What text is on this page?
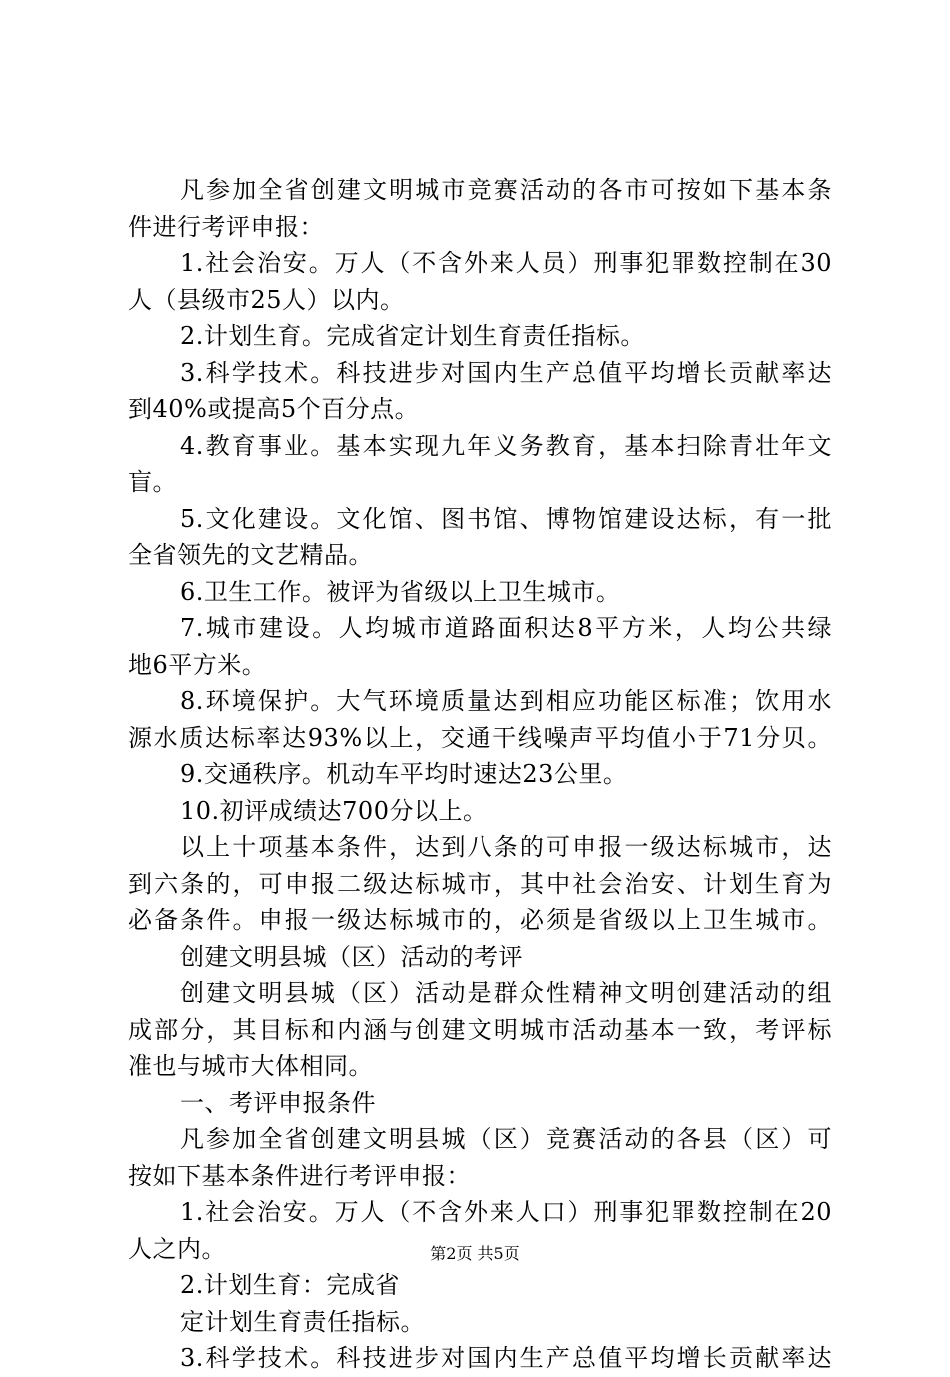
凡参加全省创建文明城市竞赛活动的各市可按如下基本条
件进行考评申报：
1.社会治安。万人（不含外来人员）刑事犯罪数控制在30
人（县级市25人）以内。
2.计划生育。完成省定计划生育责任指标。
3.科学技术。科技进步对国内生产总值平均增长贡献率达
到40%或提高5个百分点。
4.教育事业。基本实现九年义务教育，基本扫除青壮年文
盲。
5.文化建设。文化馆、图书馆、博物馆建设达标，有一批
全省领先的文艺精品。
6.卫生工作。被评为省级以上卫生城市。
7.城市建设。人均城市道路面积达8平方米，人均公共绿
地6平方米。
8.环境保护。大气环境质量达到相应功能区标准；饮用水
源水质达标率达93%以上，交通干线噪声平均值小于71分贝。
9.交通秩序。机动车平均时速达23公里。
10.初评成绩达700分以上。
以上十项基本条件，达到八条的可申报一级达标城市，达
到六条的，可申报二级达标城市，其中社会治安、计划生育为
必备条件。申报一级达标城市的，必须是省级以上卫生城市。
创建文明县城（区）活动的考评
创建文明县城（区）活动是群众性精神文明创建活动的组
成部分，其目标和内涵与创建文明城市活动基本一致，考评标
准也与城市大体相同。
一、考评申报条件
凡参加全省创建文明县城（区）竞赛活动的各县（区）可
按如下基本条件进行考评申报：
1.社会治安。万人（不含外来人口）刑事犯罪数控制在20
人之内。
2.计划生育：完成省
定计划生育责任指标。
3.科学技术。科技进步对国内生产总值平均增长贡献率达
第2页 共5页
